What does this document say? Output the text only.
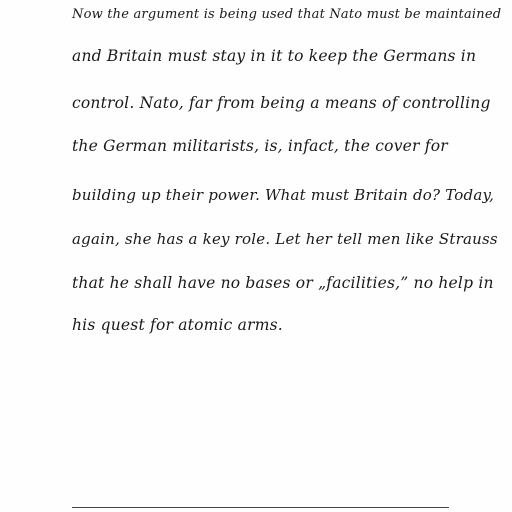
Now the argument is being used that Nato must be maintained
and Britain must stay in it to keep the Germans in
control. Nato, far from being a means of controlling
the German militarists, is, infact, the cover for
building up their power. What must Britain do? Today,
again, she has a key role. Let her tell men like Strauss
that he shall have no bases or „facilities,” no help in
his quest for atomic arms.
